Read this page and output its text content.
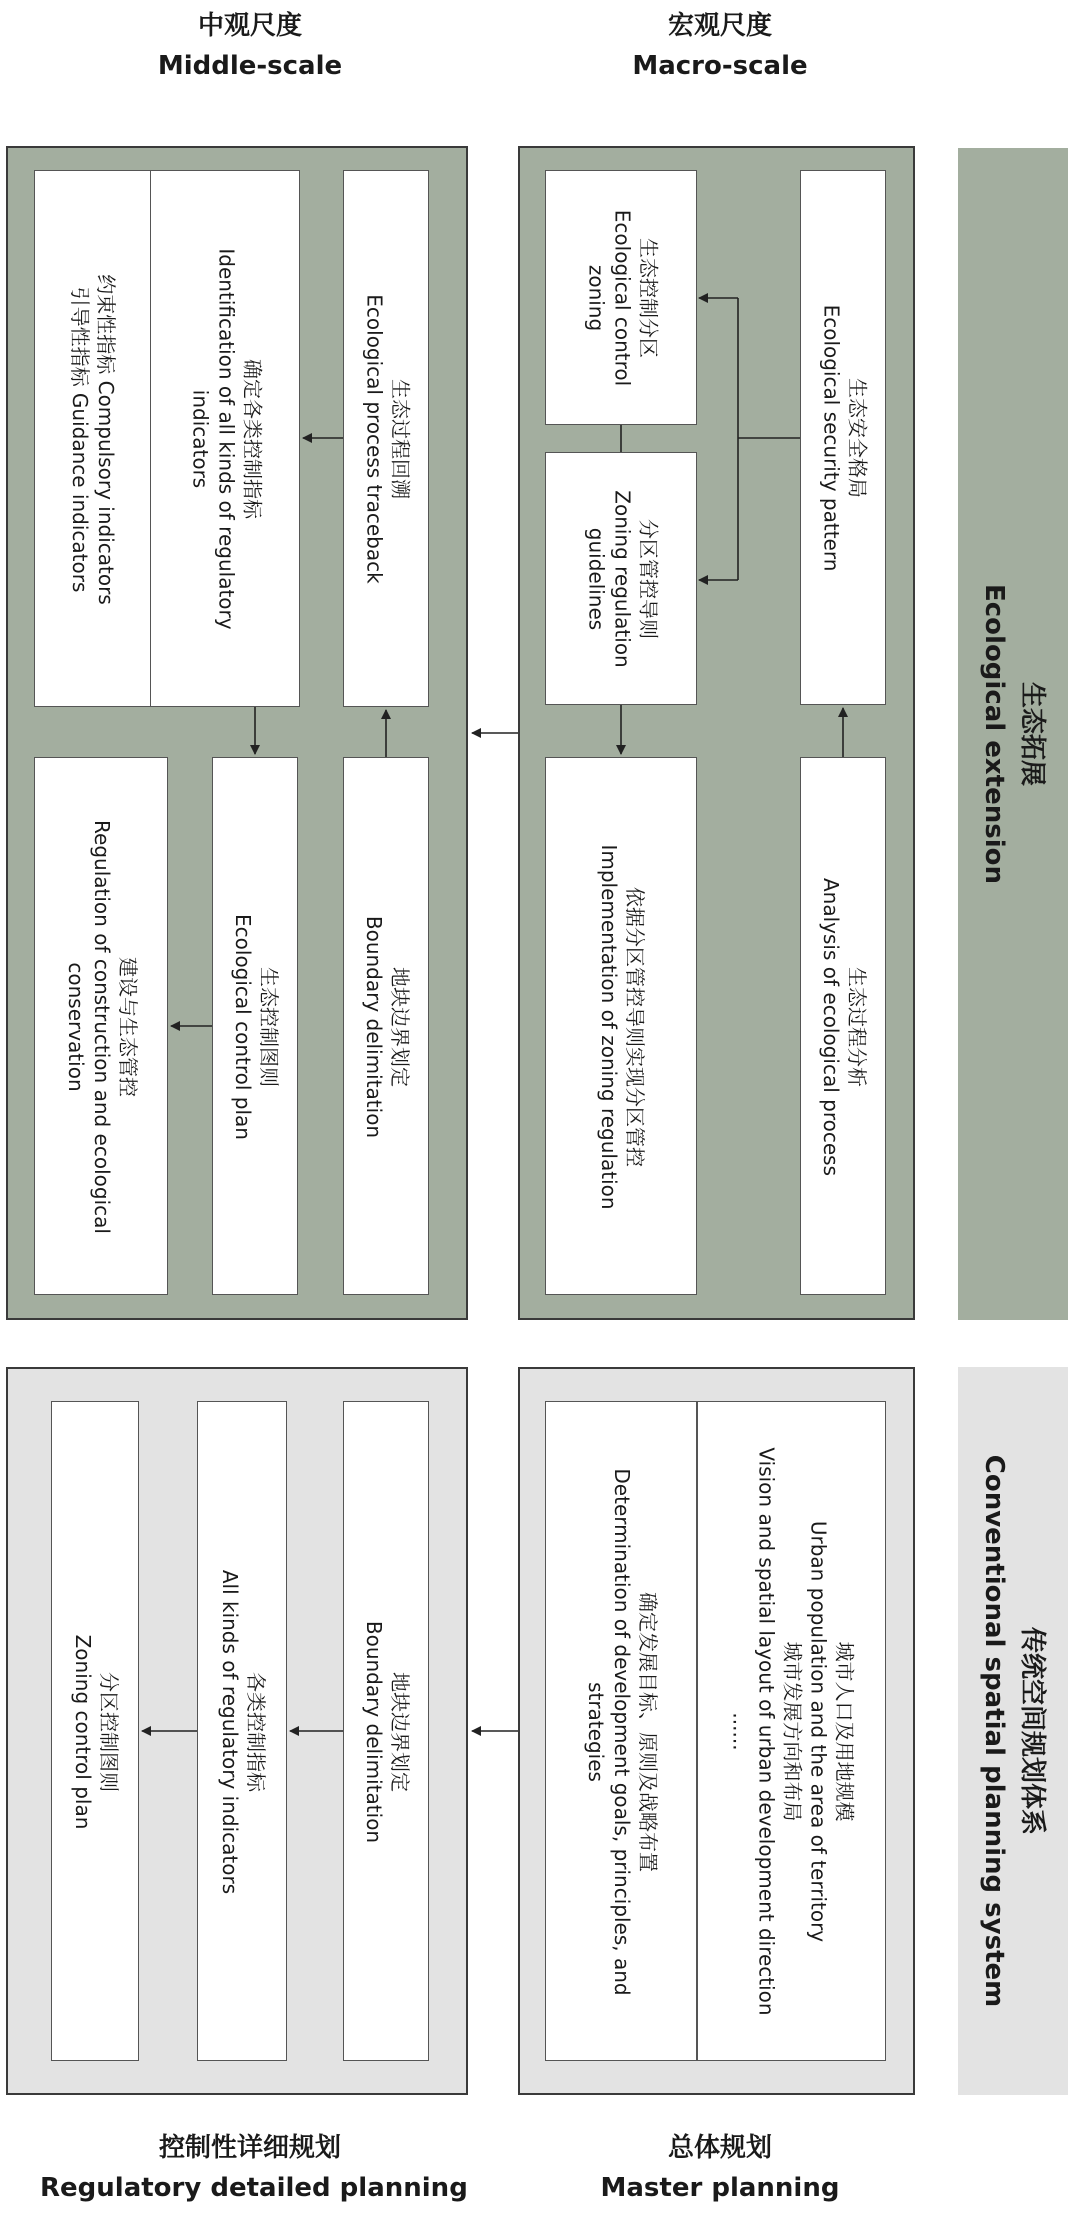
中观尺度
Middle-scale
宏观尺度
Macro-scale
控制性详细规划
Regulatory detailed planning
总体规划
Master planning
生态拓展
Ecological extension
传统空间规划体系
Conventional spatial planning system
生态安全格局
Ecological security pattern
生态控制分区
Ecological control
zoning
分区管控导则
Zoning regulation
guidelines
生态过程分析
Analysis of ecological process
依据分区管控导则实现分区管控
Implementation of zoning regulation
生态过程回溯
Ecological process traceback
确定各类控制指标
Identification of all kinds of regulatory
indicators
约束性指标 Compulsory indicators
引导性指标 Guidance indicators
地块边界划定
Boundary delimitation
生态控制图则
Ecological control plan
建设与生态管控
Regulation of construction and ecological
conservation
城市人口及用地规模
Urban population and the area of territory
城市发展方向和布局
Vision and spatial layout of urban development direction
......
确定发展目标、原则及战略布置
Determination of development goals, principles, and
strategies
地块边界划定
Boundary delimitation
各类控制指标
All kinds of regulatory indicators
分区控制图则
Zoning control plan
